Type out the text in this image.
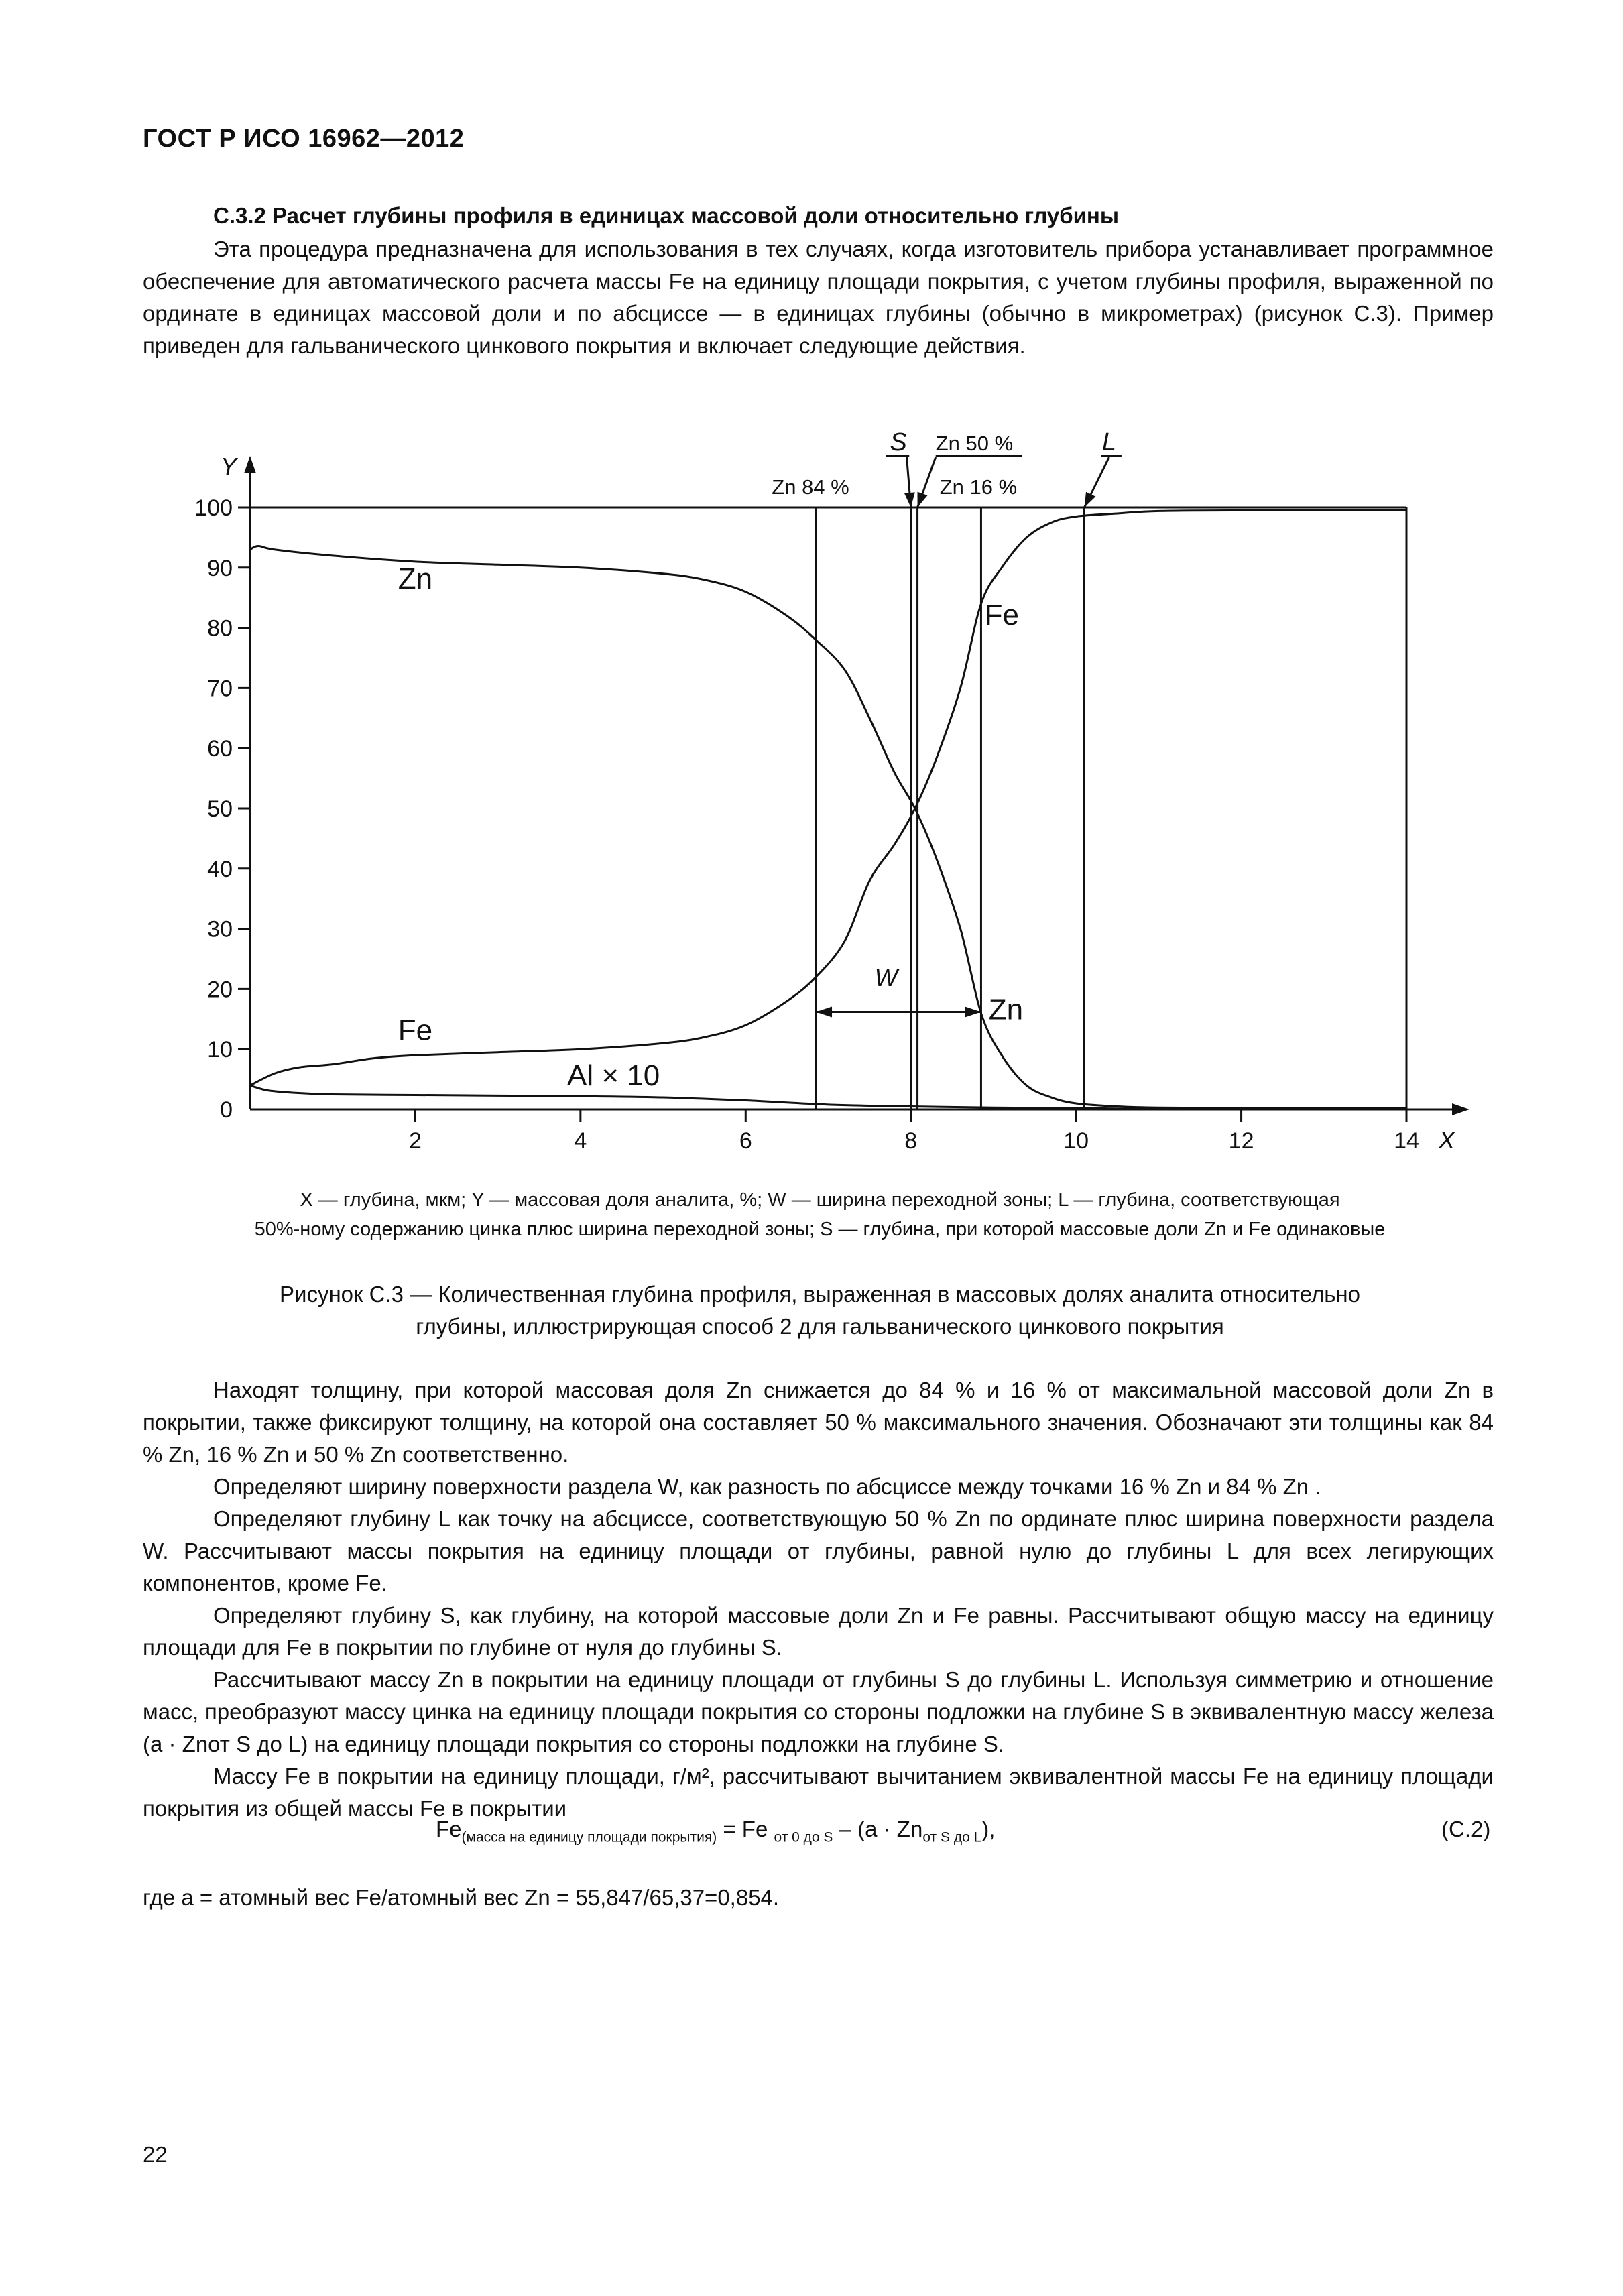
ГОСТ Р ИСО 16962—2012
С.3.2 Расчет глубины профиля в единицах массовой доли относительно глубины
Эта процедура предназначена для использования в тех случаях, когда изготовитель прибора устанавливает программное обеспечение для автоматического расчета массы Fe на единицу площади покрытия, с учетом глубины профиля, выраженной по ординате в единицах массовой доли и по абсциссе — в единицах глубины (обычно в микрометрах) (рисунок С.3). Пример приведен для гальванического цинкового покрытия и включает следующие действия.
0
10
20
30
40
50
60
70
80
90
100
2	4	6	8	10	12	14 X
Y
Zn
Fe
Al × 10
Fe
Zn
W
Zn 84 %	Zn 16 %
S Zn 50 %	L
X — глубина, мкм; Y — массовая доля аналита, %; W — ширина переходной зоны; L — глубина, соответствующая
50%-ному содержанию цинка плюс ширина переходной зоны; S — глубина, при которой массовые доли Zn и Fe одинаковые
Рисунок С.3 — Количественная глубина профиля, выраженная в массовых долях аналита относительно
глубины, иллюстрирующая способ 2 для гальванического цинкового покрытия
Находят толщину, при которой массовая доля Zn снижается до 84 % и 16 % от максимальной массовой доли Zn в покрытии, также фиксируют толщину, на которой она составляет 50 % максимального значения. Обозначают эти толщины как 84 % Zn, 16 % Zn и 50 % Zn соответственно.
Определяют ширину поверхности раздела W, как разность по абсциссе между точками 16 % Zn и 84 % Zn .
Определяют глубину L как точку на абсциссе, соответствующую 50 % Zn по ординате плюс ширина поверхности раздела W. Рассчитывают массы покрытия на единицу площади от глубины, равной нулю до глубины L для всех легирующих компонентов, кроме Fe.
Определяют глубину S, как глубину, на которой массовые доли Zn и Fe равны. Рассчитывают общую массу на единицу площади для Fe в покрытии по глубине от нуля до глубины S.
Рассчитывают массу Zn в покрытии на единицу площади от глубины S до глубины L. Используя симметрию и отношение масс, преобразуют массу цинка на единицу площади покрытия со стороны подложки на глубине S в эквивалентную массу железа (a · Znот S до L) на единицу площади покрытия со стороны подложки на глубине S.
Массу Fe в покрытии на единицу площади, г/м², рассчитывают вычитанием эквивалентной массы Fe на единицу площади покрытия из общей массы Fe в покрытии
$Fe_{(масса на единицу площади покрытия)} = Fe$ $_{от 0 до S} - (a \cdot Zn_{от S до L})$,	(С.2)
где a = атомный вес Fe/атомный вес Zn = 55,847/65,37=0,854.
22
